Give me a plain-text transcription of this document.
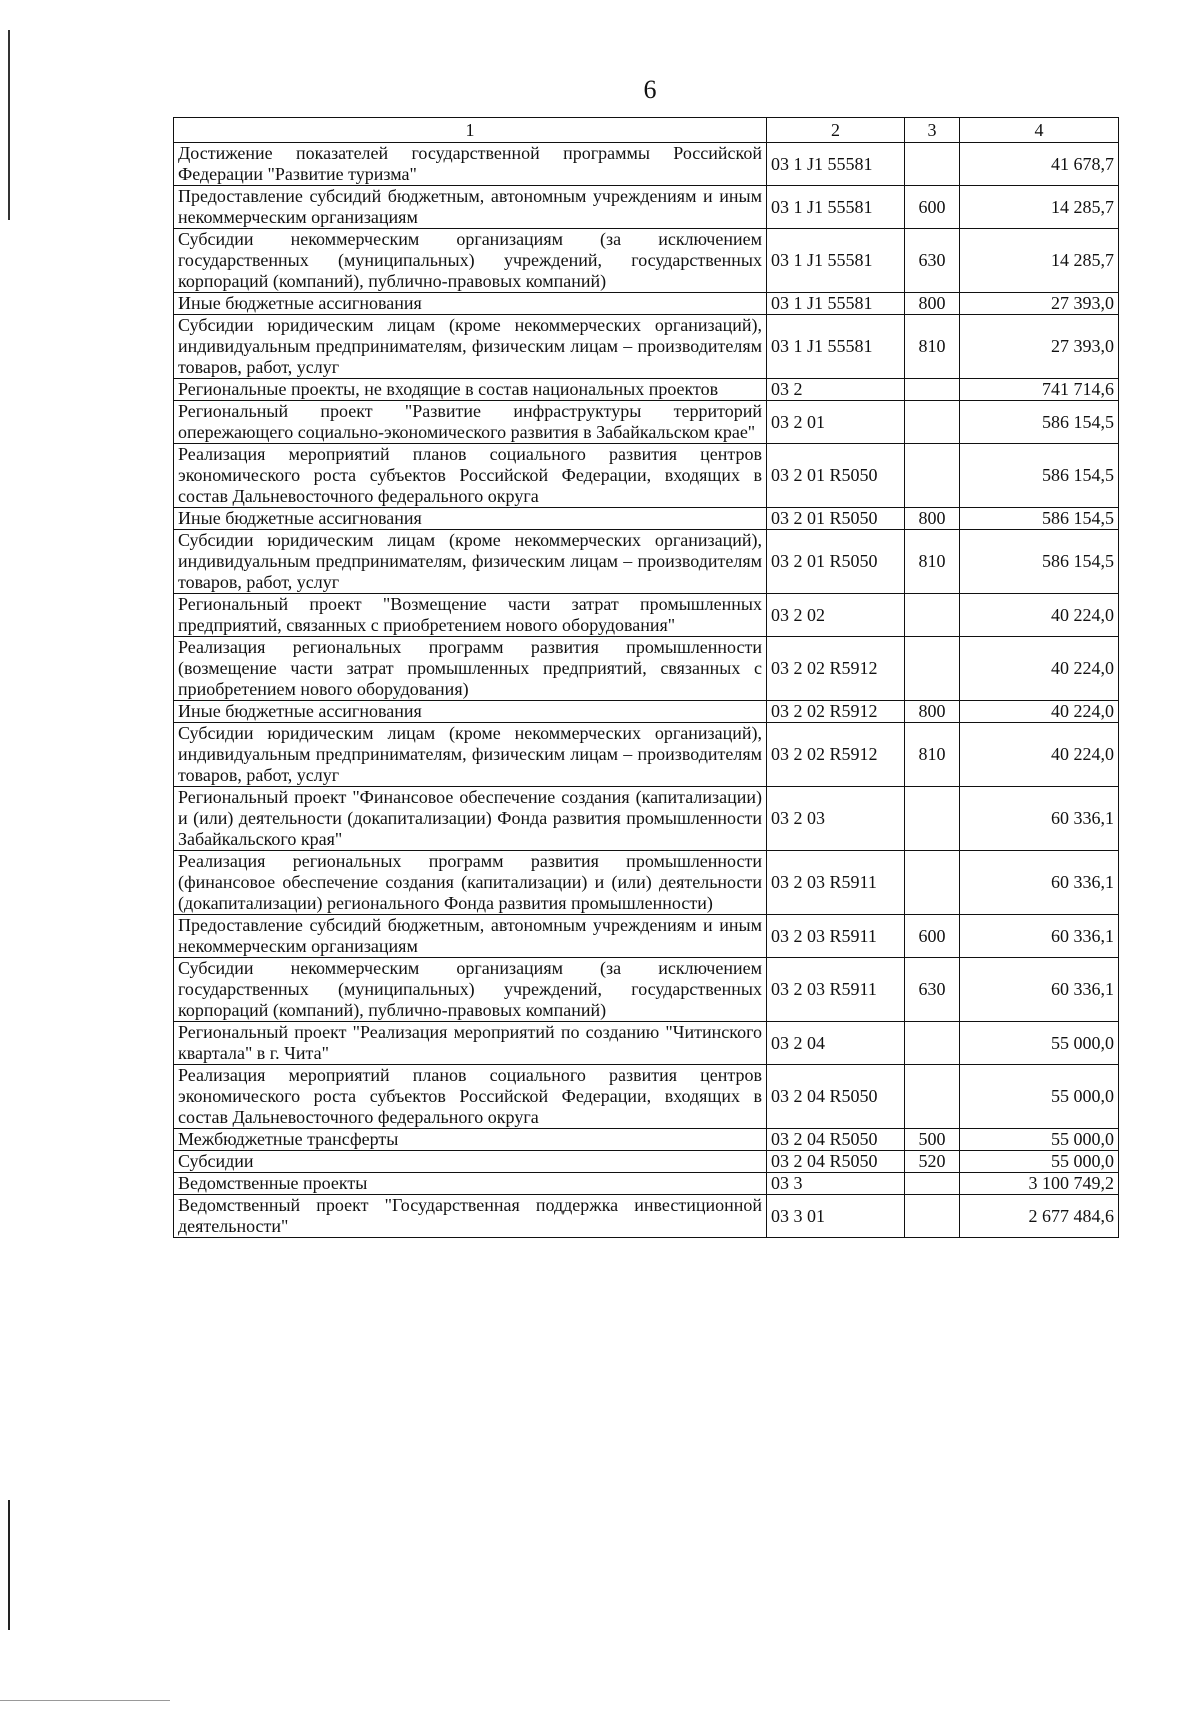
6
1	2	3	4
Достижение показателей государственной программы Российской Федерации "Развитие туризма"	03 1 J1 55581		41 678,7
Предоставление субсидий бюджетным, автономным учреждениям и иным некоммерческим организациям	03 1 J1 55581	600	14 285,7
Субсидии некоммерческим организациям (за исключением государственных (муниципальных) учреждений, государственных корпораций (компаний), публично-правовых компаний)	03 1 J1 55581	630	14 285,7
Иные бюджетные ассигнования	03 1 J1 55581	800	27 393,0
Субсидии юридическим лицам (кроме некоммерческих организаций), индивидуальным предпринимателям, физическим лицам – производителям товаров, работ, услуг	03 1 J1 55581	810	27 393,0
Региональные проекты, не входящие в состав национальных проектов	03 2		741 714,6
Региональный проект "Развитие инфраструктуры территорий опережающего социально-экономического развития в Забайкальском крае"	03 2 01		586 154,5
Реализация мероприятий планов социального развития центров экономического роста субъектов Российской Федерации, входящих в состав Дальневосточного федерального округа	03 2 01 R5050		586 154,5
Иные бюджетные ассигнования	03 2 01 R5050	800	586 154,5
Субсидии юридическим лицам (кроме некоммерческих организаций), индивидуальным предпринимателям, физическим лицам – производителям товаров, работ, услуг	03 2 01 R5050	810	586 154,5
Региональный проект "Возмещение части затрат промышленных предприятий, связанных с приобретением нового оборудования"	03 2 02		40 224,0
Реализация региональных программ развития промышленности (возмещение части затрат промышленных предприятий, связанных с приобретением нового оборудования)	03 2 02 R5912		40 224,0
Иные бюджетные ассигнования	03 2 02 R5912	800	40 224,0
Субсидии юридическим лицам (кроме некоммерческих организаций), индивидуальным предпринимателям, физическим лицам – производителям товаров, работ, услуг	03 2 02 R5912	810	40 224,0
Региональный проект "Финансовое обеспечение создания (капитализации) и (или) деятельности (докапитализации) Фонда развития промышленности Забайкальского края"	03 2 03		60 336,1
Реализация региональных программ развития промышленности (финансовое обеспечение создания (капитализации) и (или) деятельности (докапитализации) регионального Фонда развития промышленности)	03 2 03 R5911		60 336,1
Предоставление субсидий бюджетным, автономным учреждениям и иным некоммерческим организациям	03 2 03 R5911	600	60 336,1
Субсидии некоммерческим организациям (за исключением государственных (муниципальных) учреждений, государственных корпораций (компаний), публично-правовых компаний)	03 2 03 R5911	630	60 336,1
Региональный проект "Реализация мероприятий по созданию "Читинского квартала" в г. Чита"	03 2 04		55 000,0
Реализация мероприятий планов социального развития центров экономического роста субъектов Российской Федерации, входящих в состав Дальневосточного федерального округа	03 2 04 R5050		55 000,0
Межбюджетные трансферты	03 2 04 R5050	500	55 000,0
Субсидии	03 2 04 R5050	520	55 000,0
Ведомственные проекты	03 3		3 100 749,2
Ведомственный проект "Государственная поддержка инвестиционной деятельности"	03 3 01		2 677 484,6
